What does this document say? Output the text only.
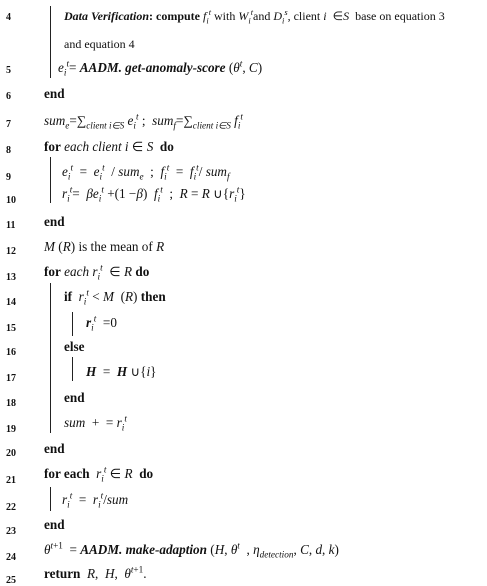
4	Data Verification: compute $f_i^t$ with $W_i^tand$ $D_i^s$, client i  ∈S  base on equation 3
and equation 4
5	$e_i^t=$ AADM. get-anomaly-score ($\theta^t$, C)
6	end
7	$sum_e=\sum_{client i\in S}$ $e_i^t$ ;  $sum_f=\sum_{client i\in S}$ $f_i^t$
8	for each client i ∈ S do
9	$e_i^t = e_i^t / sum_e$  ;  $f_i^t = f_i^t/$ sum$_f$
10	$r_i^t= \beta e_i^t +(1 -\beta)$  $f_i^t$  ;  R = R $\cup\{r_i^t\}$
11	end
12	M (R) is the mean of R
13	for each $r_i^t$  ∈ R do
14	if $r_i^t < M$  (R) then
15	$r_i^t =0$
16	else
17	H  =  H ∪{i}
18	end
19	sum  +  = $r_i^t$
20	end
21	for each $r_i^t$ ∈ R do
22
$r_i^t = r_i^t/sum$
23	end
24
$\theta^{t+1}$  = AADM. make-adaption (H, $\theta^t$  , $\eta_{detection}$, C, d, k)
25	return R,  H,  $\theta^{t+1}$.
